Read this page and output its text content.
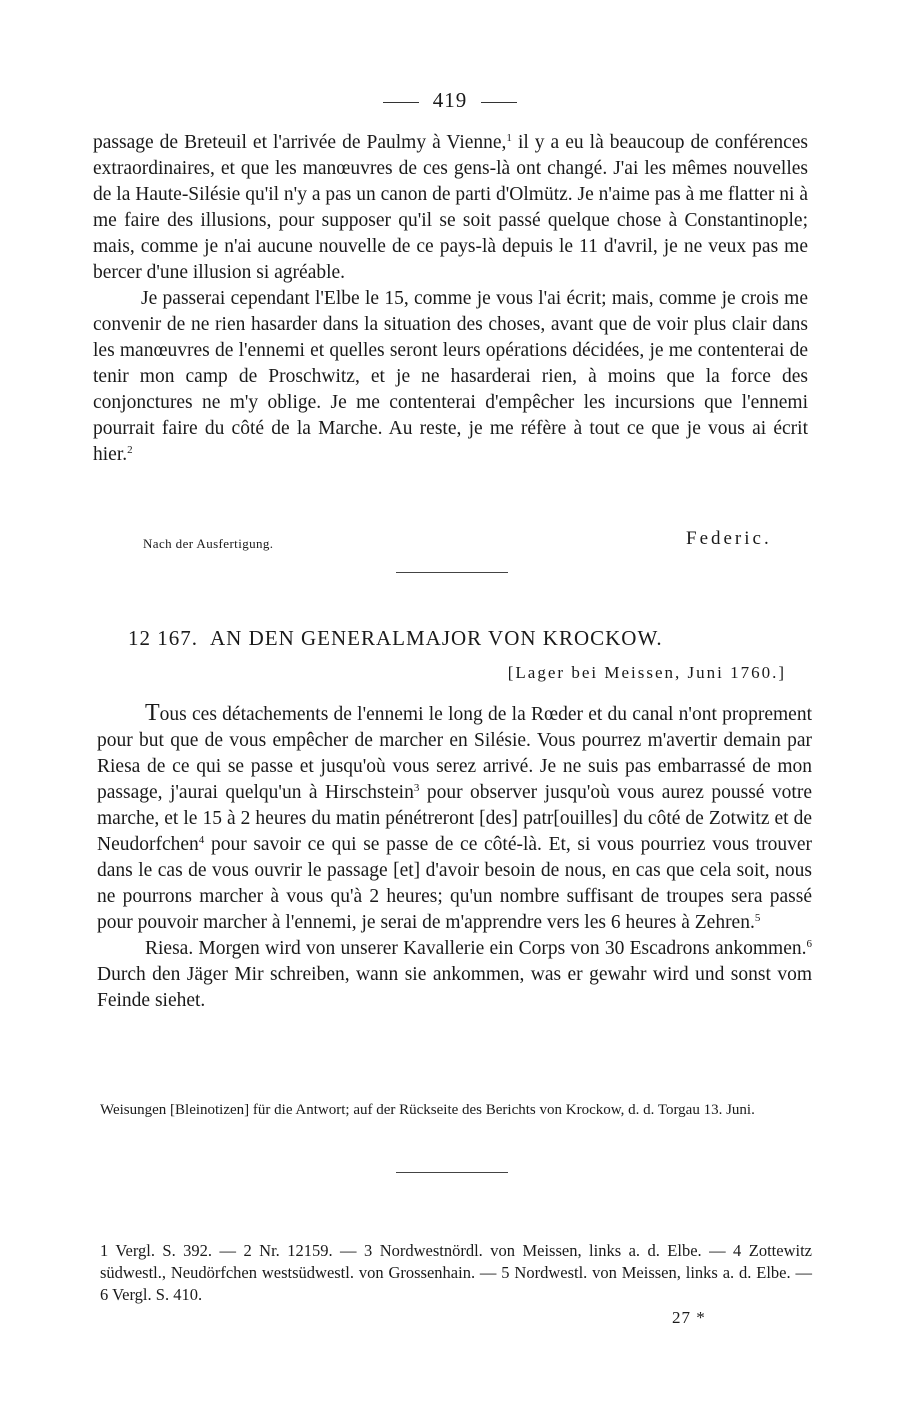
419

passage de Breteuil et l'arrivée de Paulmy à Vienne,$^1$ il y a eu là beaucoup de conférences extraordinaires, et que les manœuvres de ces gens-là ont changé. J'ai les mêmes nouvelles de la Haute-Silésie qu'il n'y a pas un canon de parti d'Olmütz. Je n'aime pas à me flatter ni à me faire des illusions, pour supposer qu'il se soit passé quelque chose à Constantinople; mais, comme je n'ai aucune nouvelle de ce pays-là depuis le 11 d'avril, je ne veux pas me bercer d'une illusion si agréable.

Je passerai cependant l'Elbe le 15, comme je vous l'ai écrit; mais, comme je crois me convenir de ne rien hasarder dans la situation des choses, avant que de voir plus clair dans les manœuvres de l'ennemi et quelles seront leurs opérations décidées, je me contenterai de tenir mon camp de Proschwitz, et je ne hasarderai rien, à moins que la force des conjonctures ne m'y oblige. Je me contenterai d'empêcher les incursions que l'ennemi pourrait faire du côté de la Marche. Au reste, je me réfère à tout ce que je vous ai écrit hier.$^2$

Nach der Ausfertigung.	Federic.
12 167. AN DEN GENERALMAJOR VON KROCKOW.
[Lager bei Meissen, Juni 1760.]

Tous ces détachements de l'ennemi le long de la Rœder et du canal n'ont proprement pour but que de vous empêcher de marcher en Silésie. Vous pourrez m'avertir demain par Riesa de ce qui se passe et jusqu'où vous serez arrivé. Je ne suis pas embarrassé de mon passage, j'aurai quelqu'un à Hirschstein$^3$ pour observer jusqu'où vous aurez poussé votre marche, et le 15 à 2 heures du matin pénétreront [des] patr[ouilles] du côté de Zotwitz et de Neudorfchen$^4$ pour savoir ce qui se passe de ce côté-là. Et, si vous pourriez vous trouver dans le cas de vous ouvrir le passage [et] d'avoir besoin de nous, en cas que cela soit, nous ne pourrons marcher à vous qu'à 2 heures; qu'un nombre suffisant de troupes sera passé pour pouvoir marcher à l'ennemi, je serai de m'apprendre vers les 6 heures à Zehren.$^5$

Riesa. Morgen wird von unserer Kavallerie ein Corps von 30 Escadrons ankommen.$^6$ Durch den Jäger Mir schreiben, wann sie ankommen, was er gewahr wird und sonst vom Feinde siehet.

Weisungen [Bleinotizen] für die Antwort; auf der Rückseite des Berichts von Krockow, d. d. Torgau 13. Juni.
1 Vergl. S. 392. — 2 Nr. 12159. — 3 Nordwestnördl. von Meissen, links a. d. Elbe. — 4 Zottewitz südwestl., Neudörfchen westsüdwestl. von Grossenhain. — 5 Nordwestl. von Meissen, links a. d. Elbe. — 6 Vergl. S. 410.
27 *
